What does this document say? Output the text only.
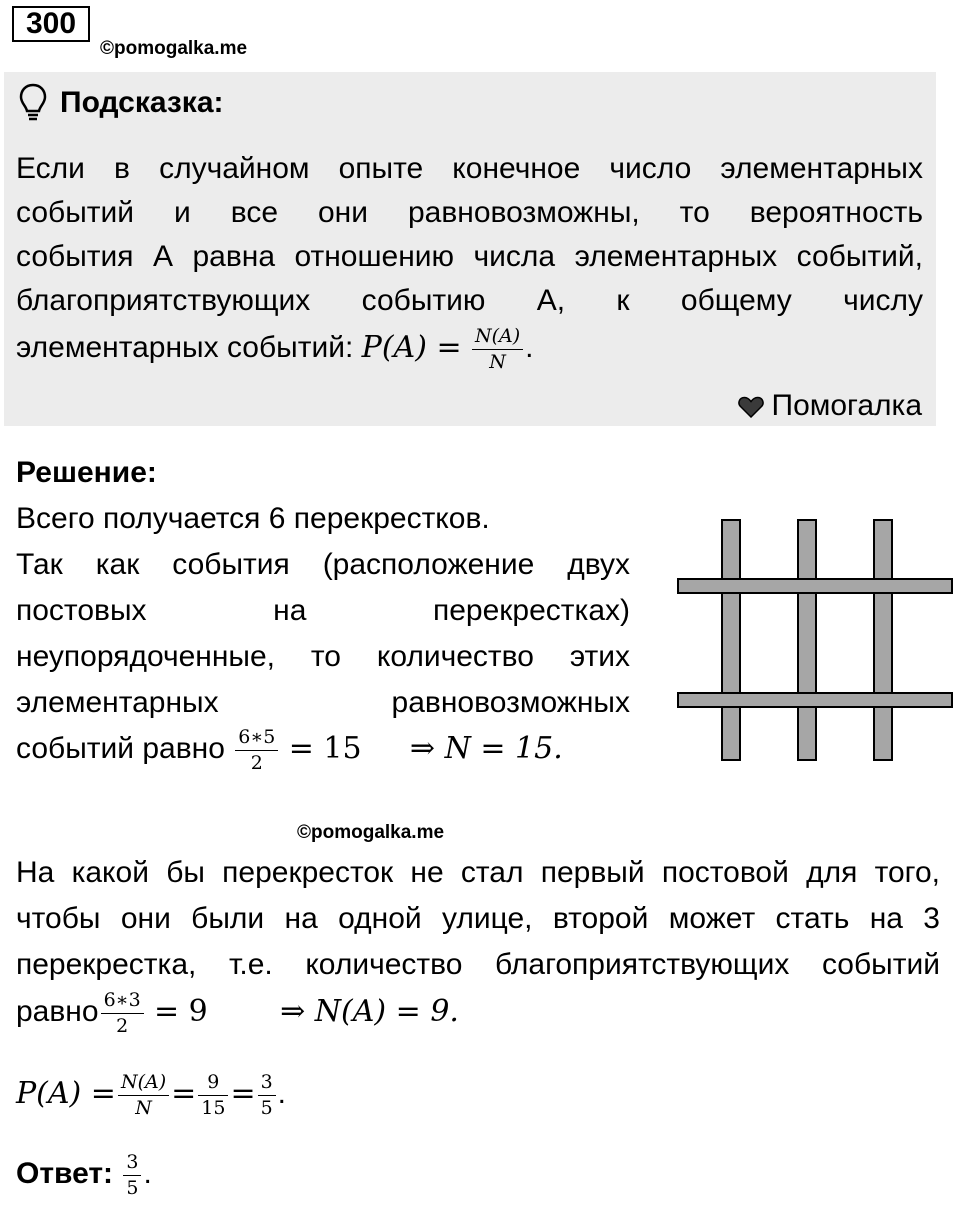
300
©pomogalka.me
Подсказка:
Если в случайном опыте конечное число элементарных
событий и все они равновозможны, то вероятность
события А равна отношению числа элементарных событий,
благоприятствующих событию А, к общему числу
элементарных событий: $P(A) = \frac{N(A)}{N}$ .
Помогалка
Решение:
Всего получается 6 перекрестков.
Так как события (расположение двух
постовых на перекрестках)
неупорядоченные, то количество этих
элементарных равновозможных
событий равно $\frac{6∗5}{2} = 15$ ⇒ N = 15.
©pomogalka.me
На какой бы перекресток не стал первый постовой для того,
чтобы они были на одной улице, второй может стать на 3
перекрестка, т.е. количество благоприятствующих событий
равно $\frac{6∗3}{2} = 9$ ⇒ N(A) = 9.
$P(A) = \frac{N(A)}{N} = \frac{9}{15} = \frac{3}{5}$ .
Ответ: $\frac{3}{5}$ .
